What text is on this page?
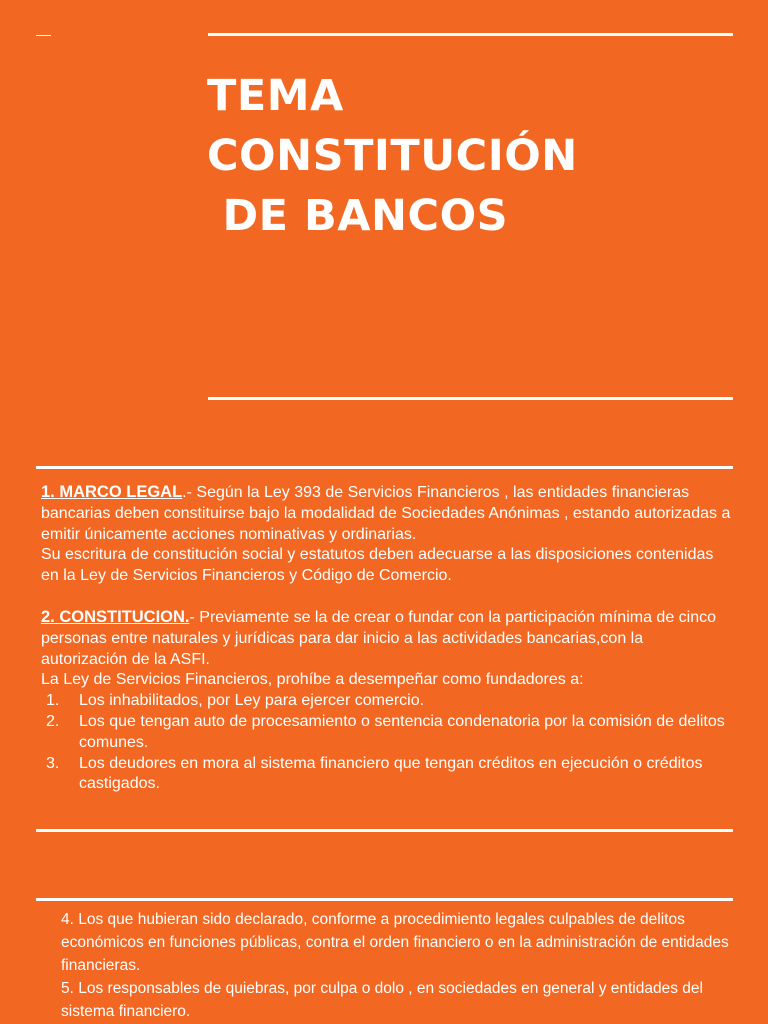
TEMA
CONSTITUCIÓN
DE BANCOS

1. MARCO LEGAL.- Según la Ley 393 de Servicios Financieros , las entidades financieras bancarias deben constituirse bajo la modalidad de Sociedades Anónimas , estando autorizadas a emitir únicamente acciones nominativas y ordinarias.

Su escritura de constitución social y estatutos deben adecuarse a las disposiciones contenidas en la Ley de Servicios Financieros y Código de Comercio.

2. CONSTITUCION.- Previamente se la de crear o fundar con la participación mínima de cinco personas entre naturales y jurídicas para dar inicio a las actividades bancarias,con la autorización de la ASFI.

La Ley de Servicios Financieros, prohíbe a desempeñar como fundadores a:

1.	Los inhabilitados, por Ley para ejercer comercio.
2.	Los que tengan auto de procesamiento o sentencia condenatoria por la comisión de delitos comunes.
3.	Los deudores en mora al sistema financiero que tengan créditos en ejecución o créditos castigados.

4. Los que hubieran sido declarado, conforme a procedimiento legales culpables de delitos económicos en funciones públicas, contra el orden financiero o en la administración de entidades financieras.

5. Los responsables de quiebras, por culpa o dolo , en sociedades en general y entidades del sistema financiero.
